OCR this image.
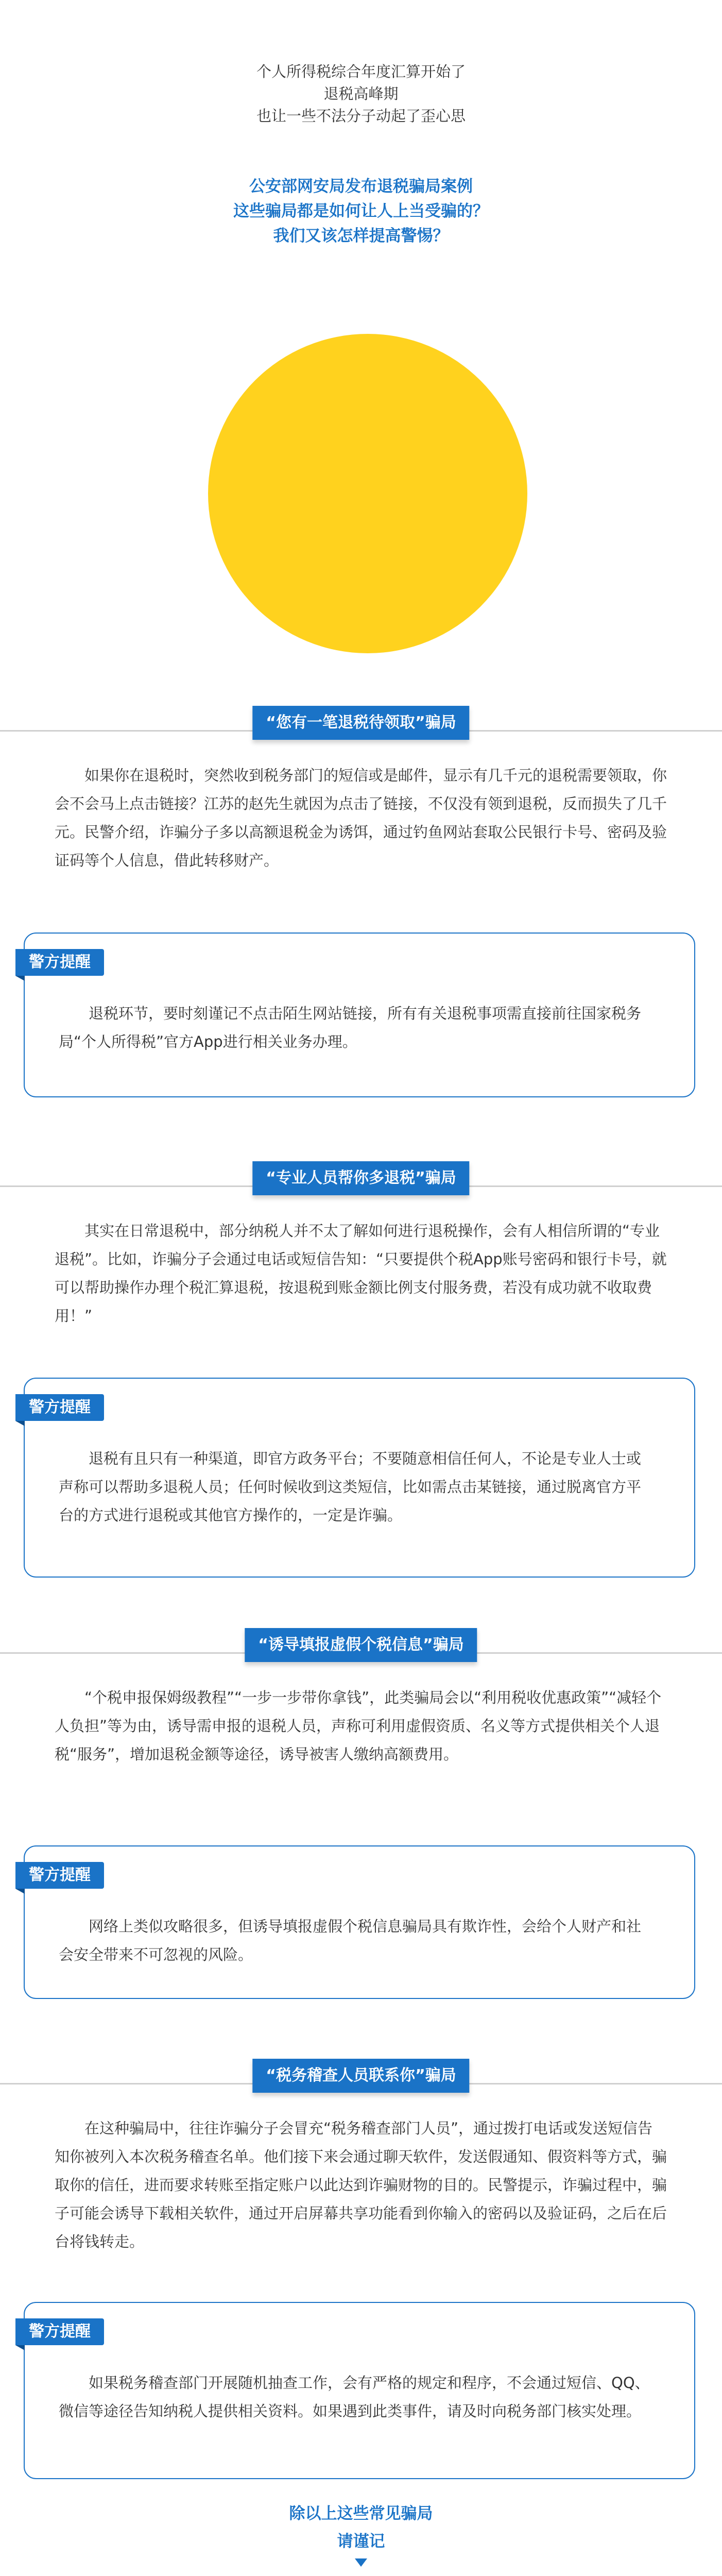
个人所得税综合年度汇算开始了

退税高峰期

也让一些不法分子动起了歪心思

公安部网安局发布退税骗局案例

这些骗局都是如何让人上当受骗的？

我们又该怎样提高警惕？

“您有一笔退税待领取”骗局

如果你在退税时，突然收到税务部门的短信或是邮件，显示有几千元的退税需要领取，你会不会马上点击链接？江苏的赵先生就因为点击了链接，不仅没有领到退税，反而损失了几千元。民警介绍，诈骗分子多以高额退税金为诱饵，通过钓鱼网站套取公民银行卡号、密码及验证码等个人信息，借此转移财产。

警方提醒

退税环节，要时刻谨记不点击陌生网站链接，所有有关退税事项需直接前往国家税务局“个人所得税”官方App进行相关业务办理。

“专业人员帮你多退税”骗局

其实在日常退税中，部分纳税人并不太了解如何进行退税操作，会有人相信所谓的“专业退税”。比如，诈骗分子会通过电话或短信告知：“只要提供个税App账号密码和银行卡号，就可以帮助操作办理个税汇算退税，按退税到账金额比例支付服务费，若没有成功就不收取费用！”

警方提醒

退税有且只有一种渠道，即官方政务平台；不要随意相信任何人，不论是专业人士或声称可以帮助多退税人员；任何时候收到这类短信，比如需点击某链接，通过脱离官方平台的方式进行退税或其他官方操作的，一定是诈骗。

“诱导填报虚假个税信息”骗局

“个税申报保姆级教程”“一步一步带你拿钱”，此类骗局会以“利用税收优惠政策”“减轻个人负担”等为由，诱导需申报的退税人员，声称可利用虚假资质、名义等方式提供相关个人退税“服务”，增加退税金额等途径，诱导被害人缴纳高额费用。

警方提醒

网络上类似攻略很多，但诱导填报虚假个税信息骗局具有欺诈性，会给个人财产和社会安全带来不可忽视的风险。

“税务稽查人员联系你”骗局

在这种骗局中，往往诈骗分子会冒充“税务稽查部门人员”，通过拨打电话或发送短信告知你被列入本次税务稽查名单。他们接下来会通过聊天软件，发送假通知、假资料等方式，骗取你的信任，进而要求转账至指定账户以此达到诈骗财物的目的。民警提示，诈骗过程中，骗子可能会诱导下载相关软件，通过开启屏幕共享功能看到你输入的密码以及验证码，之后在后台将钱转走。

警方提醒

如果税务稽查部门开展随机抽查工作，会有严格的规定和程序，不会通过短信、QQ、微信等途径告知纳税人提供相关资料。如果遇到此类事件，请及时向税务部门核实处理。

除以上这些常见骗局

请谨记
